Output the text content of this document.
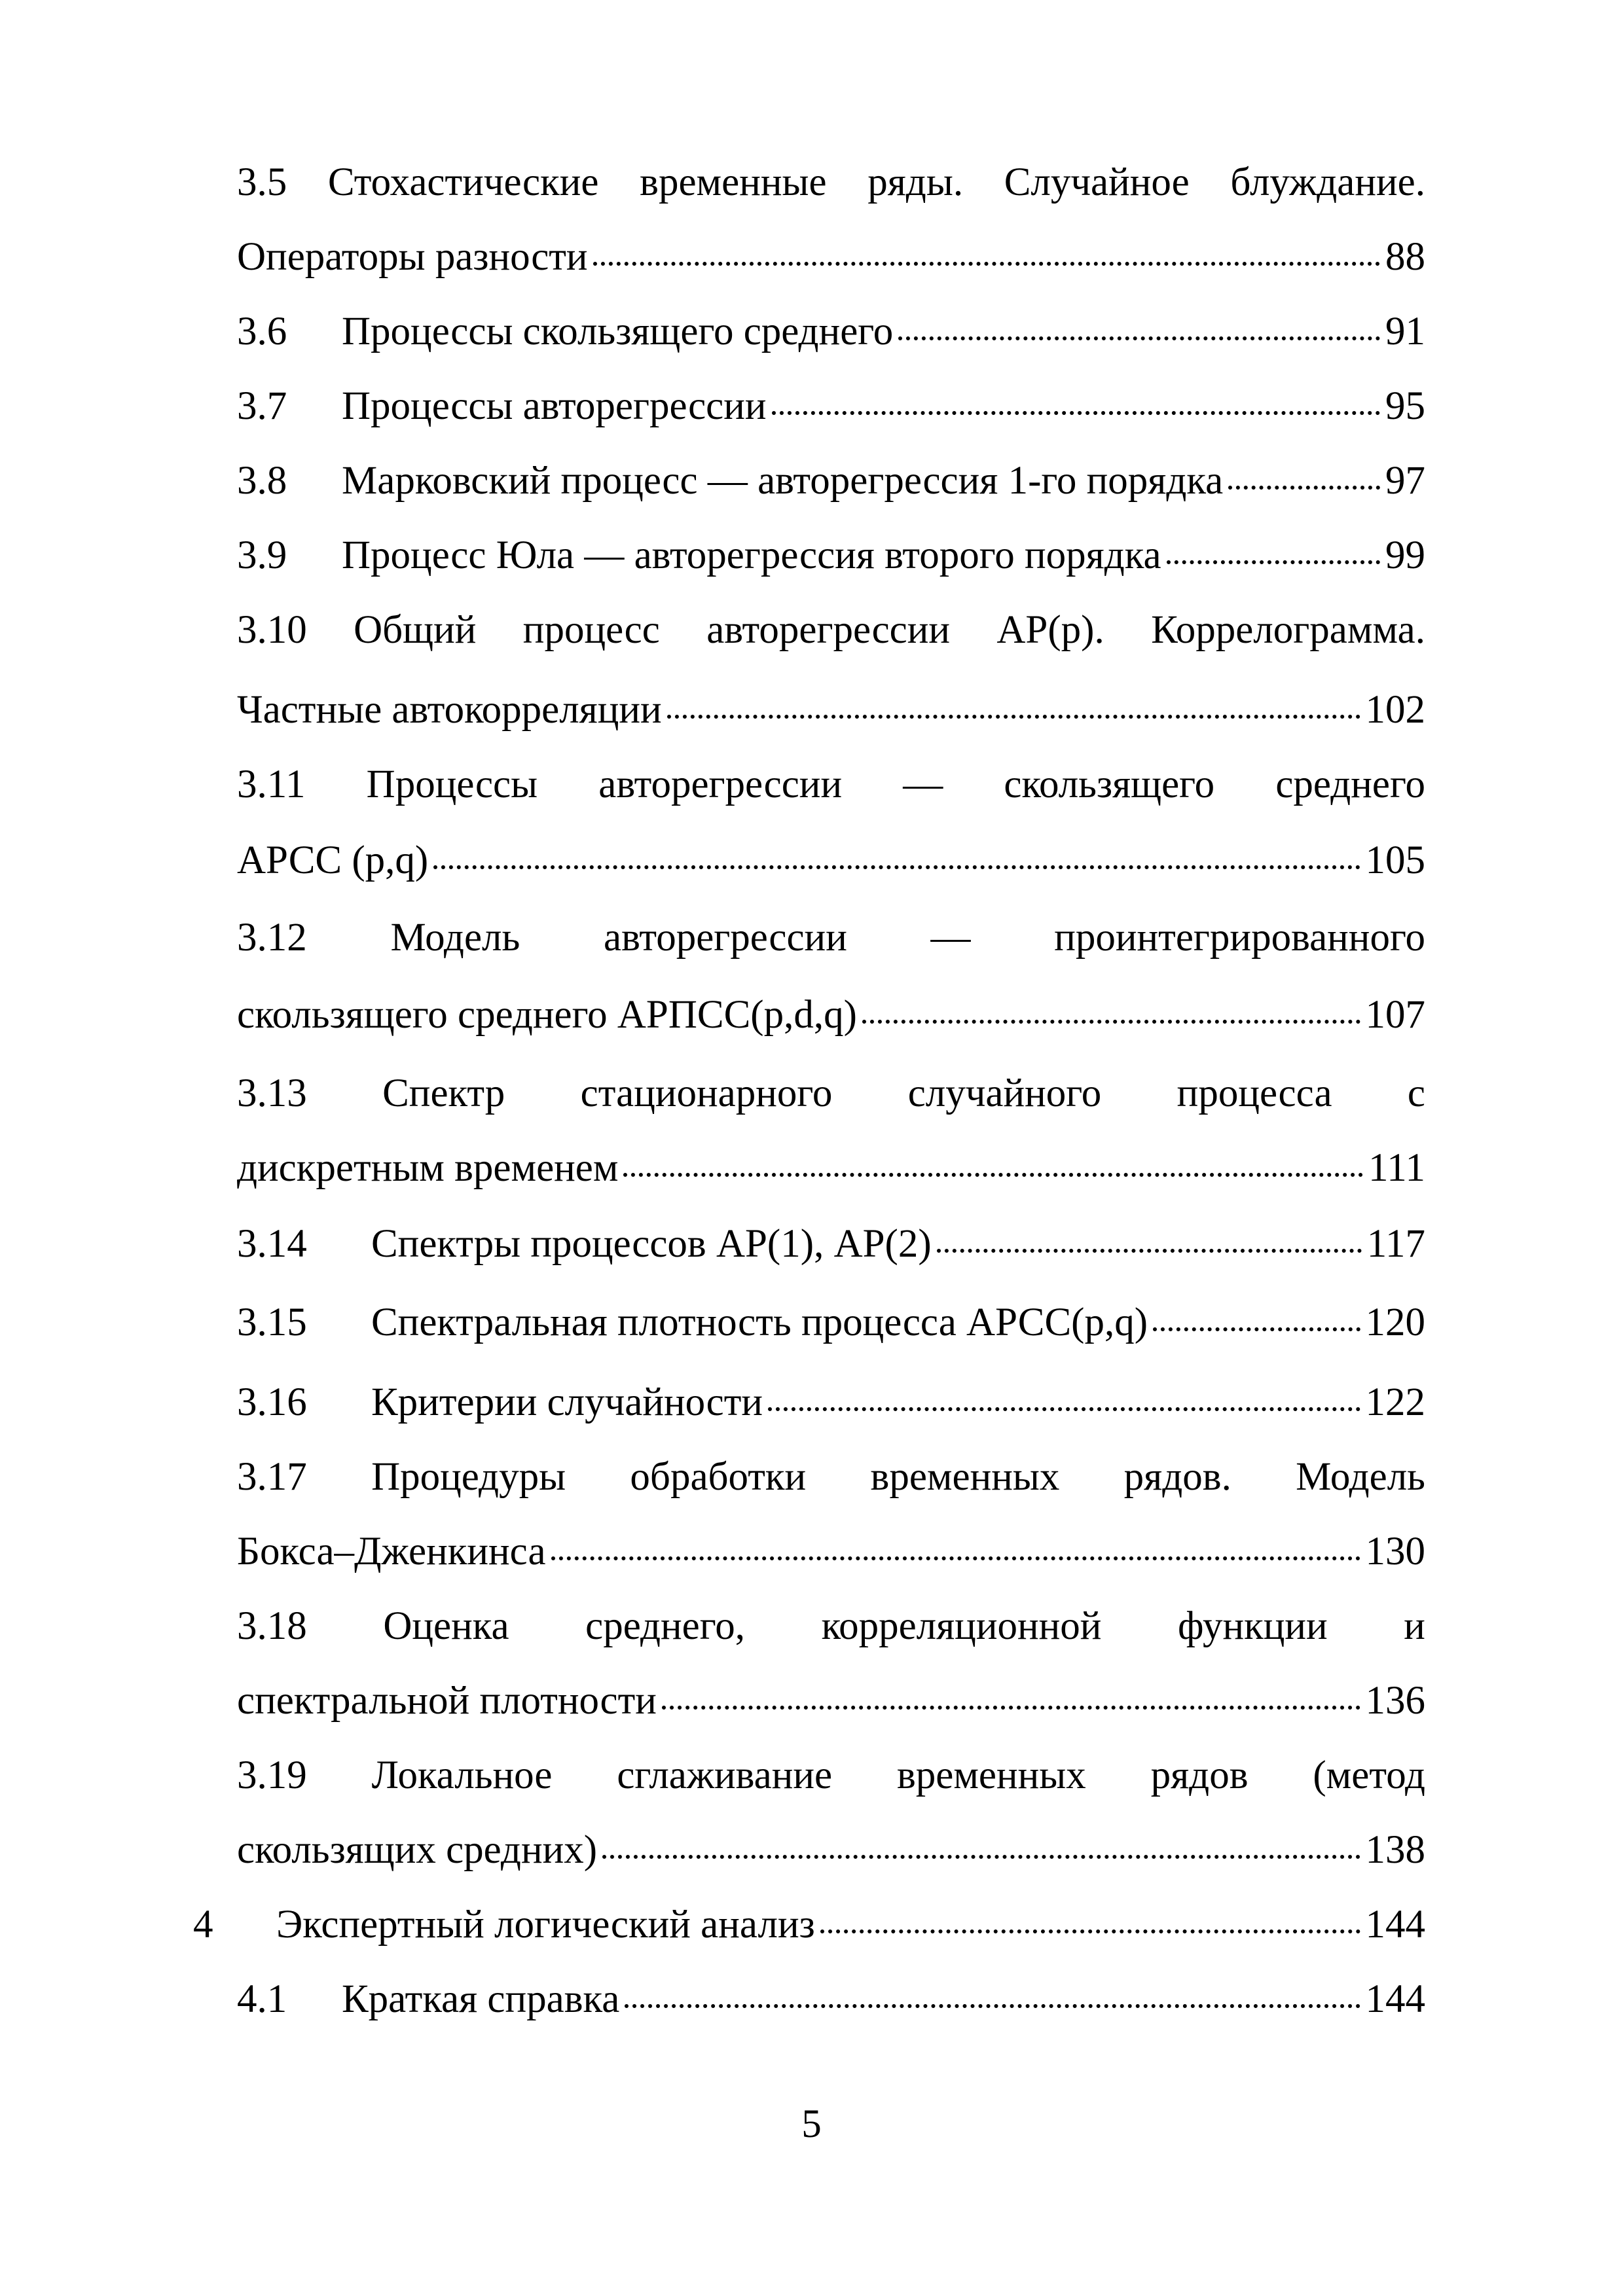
3.5 Стохастические временные ряды. Случайное блуждание.
Операторы разности	88
3.6	Процессы скользящего среднего	91
3.7	Процессы авторегрессии	95
3.8	Марковский процесс — авторегрессия 1-го порядка	97
3.9	Процесс Юла — авторегрессия второго порядка	99
3.10 Общий процесс авторегрессии АР(p). Коррелограмма.
Частные автокорреляции	102
3.11 Процессы авторегрессии — скользящего среднего
АРСС (p,q)	105
3.12 Модель авторегрессии — проинтегрированного
скользящего среднего АРПСС(p,d,q)	107
3.13 Спектр стационарного случайного процесса с
дискретным временем	111
3.14	Спектры процессов АР(1), АР(2)	117
3.15	Спектральная плотность процесса АРСС(p,q)	120
3.16	Критерии случайности	122
3.17 Процедуры обработки временных рядов. Модель
Бокса–Дженкинса	130
3.18 Оценка среднего, корреляционной функции и
спектральной плотности	136
3.19 Локальное сглаживание временных рядов (метод
скользящих средних)	138
4	Экспертный логический анализ	144
4.1	Краткая справка	144
5
